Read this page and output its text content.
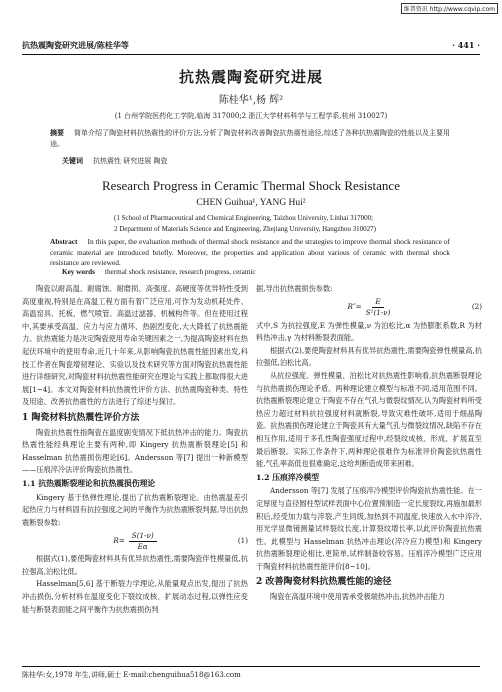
维普资讯 http://www.cqvip.com
抗热震陶瓷研究进展/陈桂华等	· 441 ·
抗热震陶瓷研究进展
陈桂华¹,杨 辉²
(1 台州学院医药化工学院,临海 317000;2 浙江大学材料科学与工程学系,杭州 310027)
摘要 简单介绍了陶瓷材料抗热震性的评价方法,分析了陶瓷材料改善陶瓷抗热震性途径,综述了各种抗热震陶瓷的性能以及主要用途。
关键词 抗热震性 研究进展 陶瓷
Research Progress in Ceramic Thermal Shock Resistance
CHEN Guihua¹, YANG Hui²
(1 School of Pharmaceutical and Chemical Engineering, Taizhou University, Linhai 317000;
2 Department of Materials Science and Engineering, Zhejiang University, Hangzhou 310027)
Abstract In this paper, the evaluation methods of thermal shock resistance and the strategies to improve thermal shock resistance of ceramic material are introduced briefly. Moreover, the properties and application about various of ceramic with thermal shock resistance are reviewed.
Key words thermal shock resistance, research progress, ceramic

陶瓷以耐高温、耐腐蚀、耐磨损、高强度、高硬度等优异特性受到高度重视,特别是在高温工程方面有着广泛应用,可作为发动机耗处件、高温窑具、托板、燃气喷管、高温过滤器、机械构件等。但在使用过程中,其要承受高温、应力与应力循环、热剧烈变化,大大降低了抗热震能力。抗热震能力是决定陶瓷使用寿命关键因素之一,为提高陶瓷材料在热起伏环境中的使用寿命,近几十年来,从影响陶瓷抗热震性能因素出发,科技工作者在陶瓷增韧理论、实验以及技术研究等方面对陶瓷抗热震性能进行详细研究,对陶瓷材料抗热震性能研究在理论与实践上都取得很大进展[1~4]。本文对陶瓷材料抗热震性评价方法、抗热震陶瓷种类、特性及用途、改善抗热震性的方法进行了综述与探讨。

1 陶瓷材料抗热震性评价方法

陶瓷抗热震性指陶瓷在温度剧变情况下抵抗热冲击的能力。陶瓷抗热震性能经典理论主要有两种,即 Kingery 抗热震断裂理论[5] 和 Hasselman 抗热震损伤理论[6]。Andersson 等[7] 提出一种新模型——压痕淬冷法评价陶瓷抗热震性。

1.1 抗热震断裂理论和抗热震损伤理论

Kingery 基于热弹性理论,提出了抗热震断裂理论。由热震温差引起热应力与材料固有抗拉强度之间的平衡作为抗热震断裂判据,导出抗热震断裂参数:

$R= \frac{S(1-\nu)}{E\alpha}$	(1)

根据式(1),要使陶瓷材料具有优异抗热震性,需要陶瓷伴性模量低,抗拉强高,泊松比低。

Hasselman[5,6] 基于断裂力学理论,从能量观点出发,提出了抗热冲击损伤,分析材料在温度变化下裂纹成核、扩展动态过程,以弹性应变能与断裂表面能之间平衡作为抗热震损伤判

据,导出抗热震损伤参数:

$R''= \frac{E}{\text{S²(1-ν)}}$	(2)

式中,S 为抗拉强度,E 为弹性模量,ν 为泊松比,α 为热膨胀系数,R 为材料热冲击,γ 为材料断裂表面能。

根据式(2),要使陶瓷材料具有优异抗热震性,需要陶瓷弹性模量高,抗拉强低,泊松比高。

从抗拉强度、弹性模量、泊松比对抗热震性影响看,抗热震断裂理论与抗热震损伤理论矛盾。两种理论建立模型与标准不同,适用范围不同。抗热震断裂理论建立于陶瓷不存在气孔与微裂纹情况,认为陶瓷材料所受热应力超过材料抗拉强度材料就断裂,导致灾难性破坏,适用于细晶陶瓷。抗热震损伤理论建立于陶瓷具有大量气孔与微裂纹情况,缺陷不存在相互作用,适用于多孔性陶瓷强度过程中,经裂纹成核、形成、扩展直至最后断裂。实际工作条件下,两种理论很难作为标准评价陶瓷抗热震性能,气孔率高低也很难确定,这给判断造成带来困难。

1.2 压痕淬冷模型

Andersson 等[7] 发展了压痕淬冷模型评价陶瓷抗热震性能。在一定厚度与直径圆柱型试样表面中心位置预制造一定长度裂纹,再施加最形积后,经受加力载与淬裂,产生同级,加热到不同温度,快速放入水中淬冷,用光学显微镜测量试样裂纹长度,计算裂纹增长率,以此评价陶瓷抗热震性。此模型与 Hasselman 抗热冲击理论(淬冷应力模型)和 Kingery 抗热震断裂理论相比,更简单,试样制备较容易。压痕淬冷模型广泛应用于陶瓷材料抗热震性能评价[8~10]。

2 改善陶瓷材料抗热震性能的途径

陶瓷在高温环境中使用需承受极端热冲击,抗热冲击能力

陈桂华:女,1978 年生,讲师,硕士 E-mail:chenguihua518@163.com
